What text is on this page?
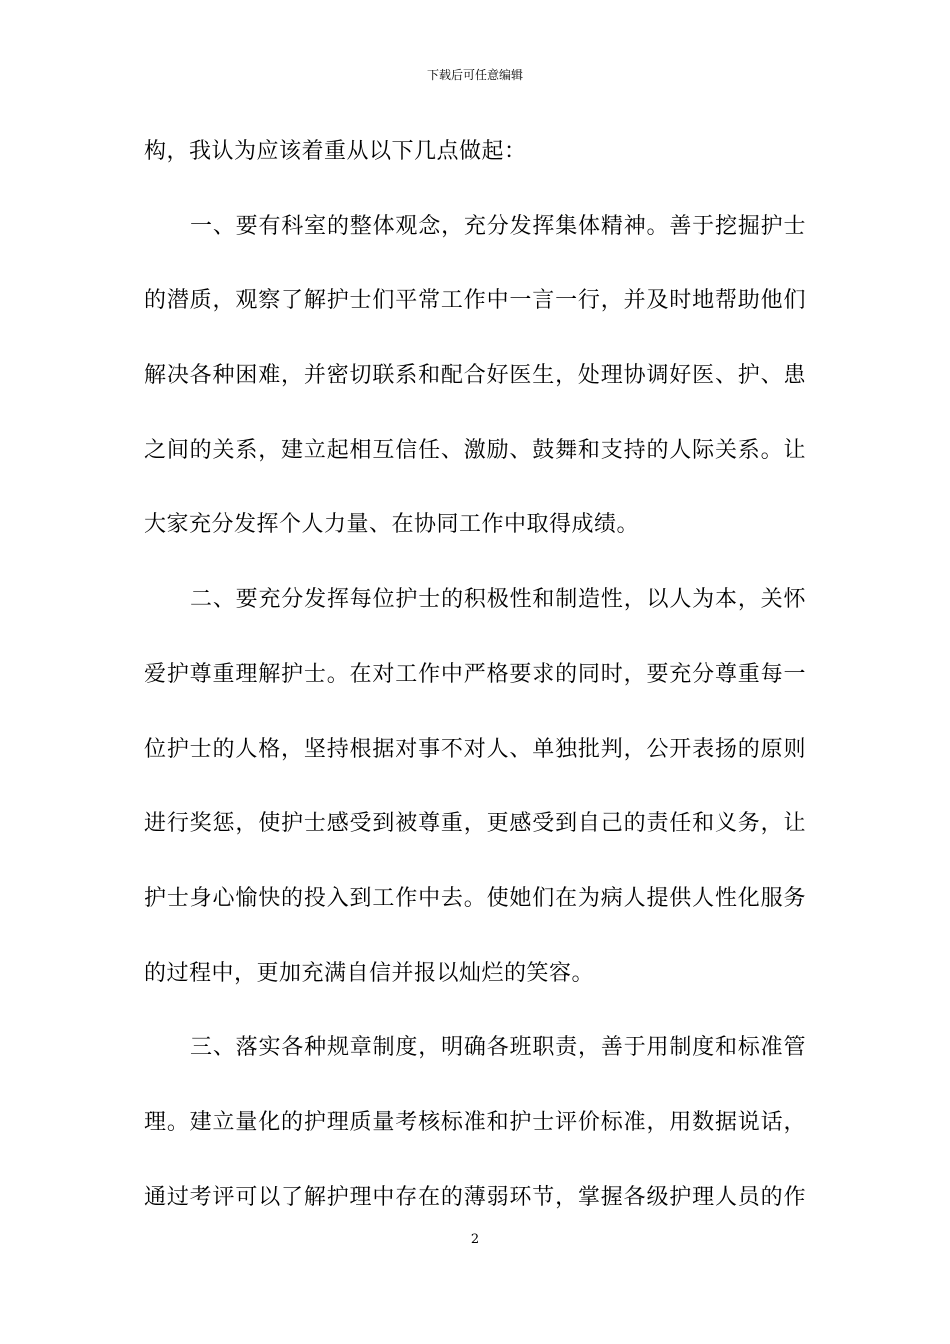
下载后可任意编辑
构，我认为应该着重从以下几点做起：
一、要有科室的整体观念，充分发挥集体精神。善于挖掘护士
的潜质，观察了解护士们平常工作中一言一行，并及时地帮助他们
解决各种困难，并密切联系和配合好医生，处理协调好医、护、患
之间的关系，建立起相互信任、激励、鼓舞和支持的人际关系。让
大家充分发挥个人力量、在协同工作中取得成绩。
二、要充分发挥每位护士的积极性和制造性，以人为本，关怀
爱护尊重理解护士。在对工作中严格要求的同时，要充分尊重每一
位护士的人格，坚持根据对事不对人、单独批判，公开表扬的原则
进行奖惩，使护士感受到被尊重，更感受到自己的责任和义务，让
护士身心愉快的投入到工作中去。使她们在为病人提供人性化服务
的过程中，更加充满自信并报以灿烂的笑容。
三、落实各种规章制度，明确各班职责，善于用制度和标准管
理。建立量化的护理质量考核标准和护士评价标准，用数据说话，
通过考评可以了解护理中存在的薄弱环节，掌握各级护理人员的作
2
